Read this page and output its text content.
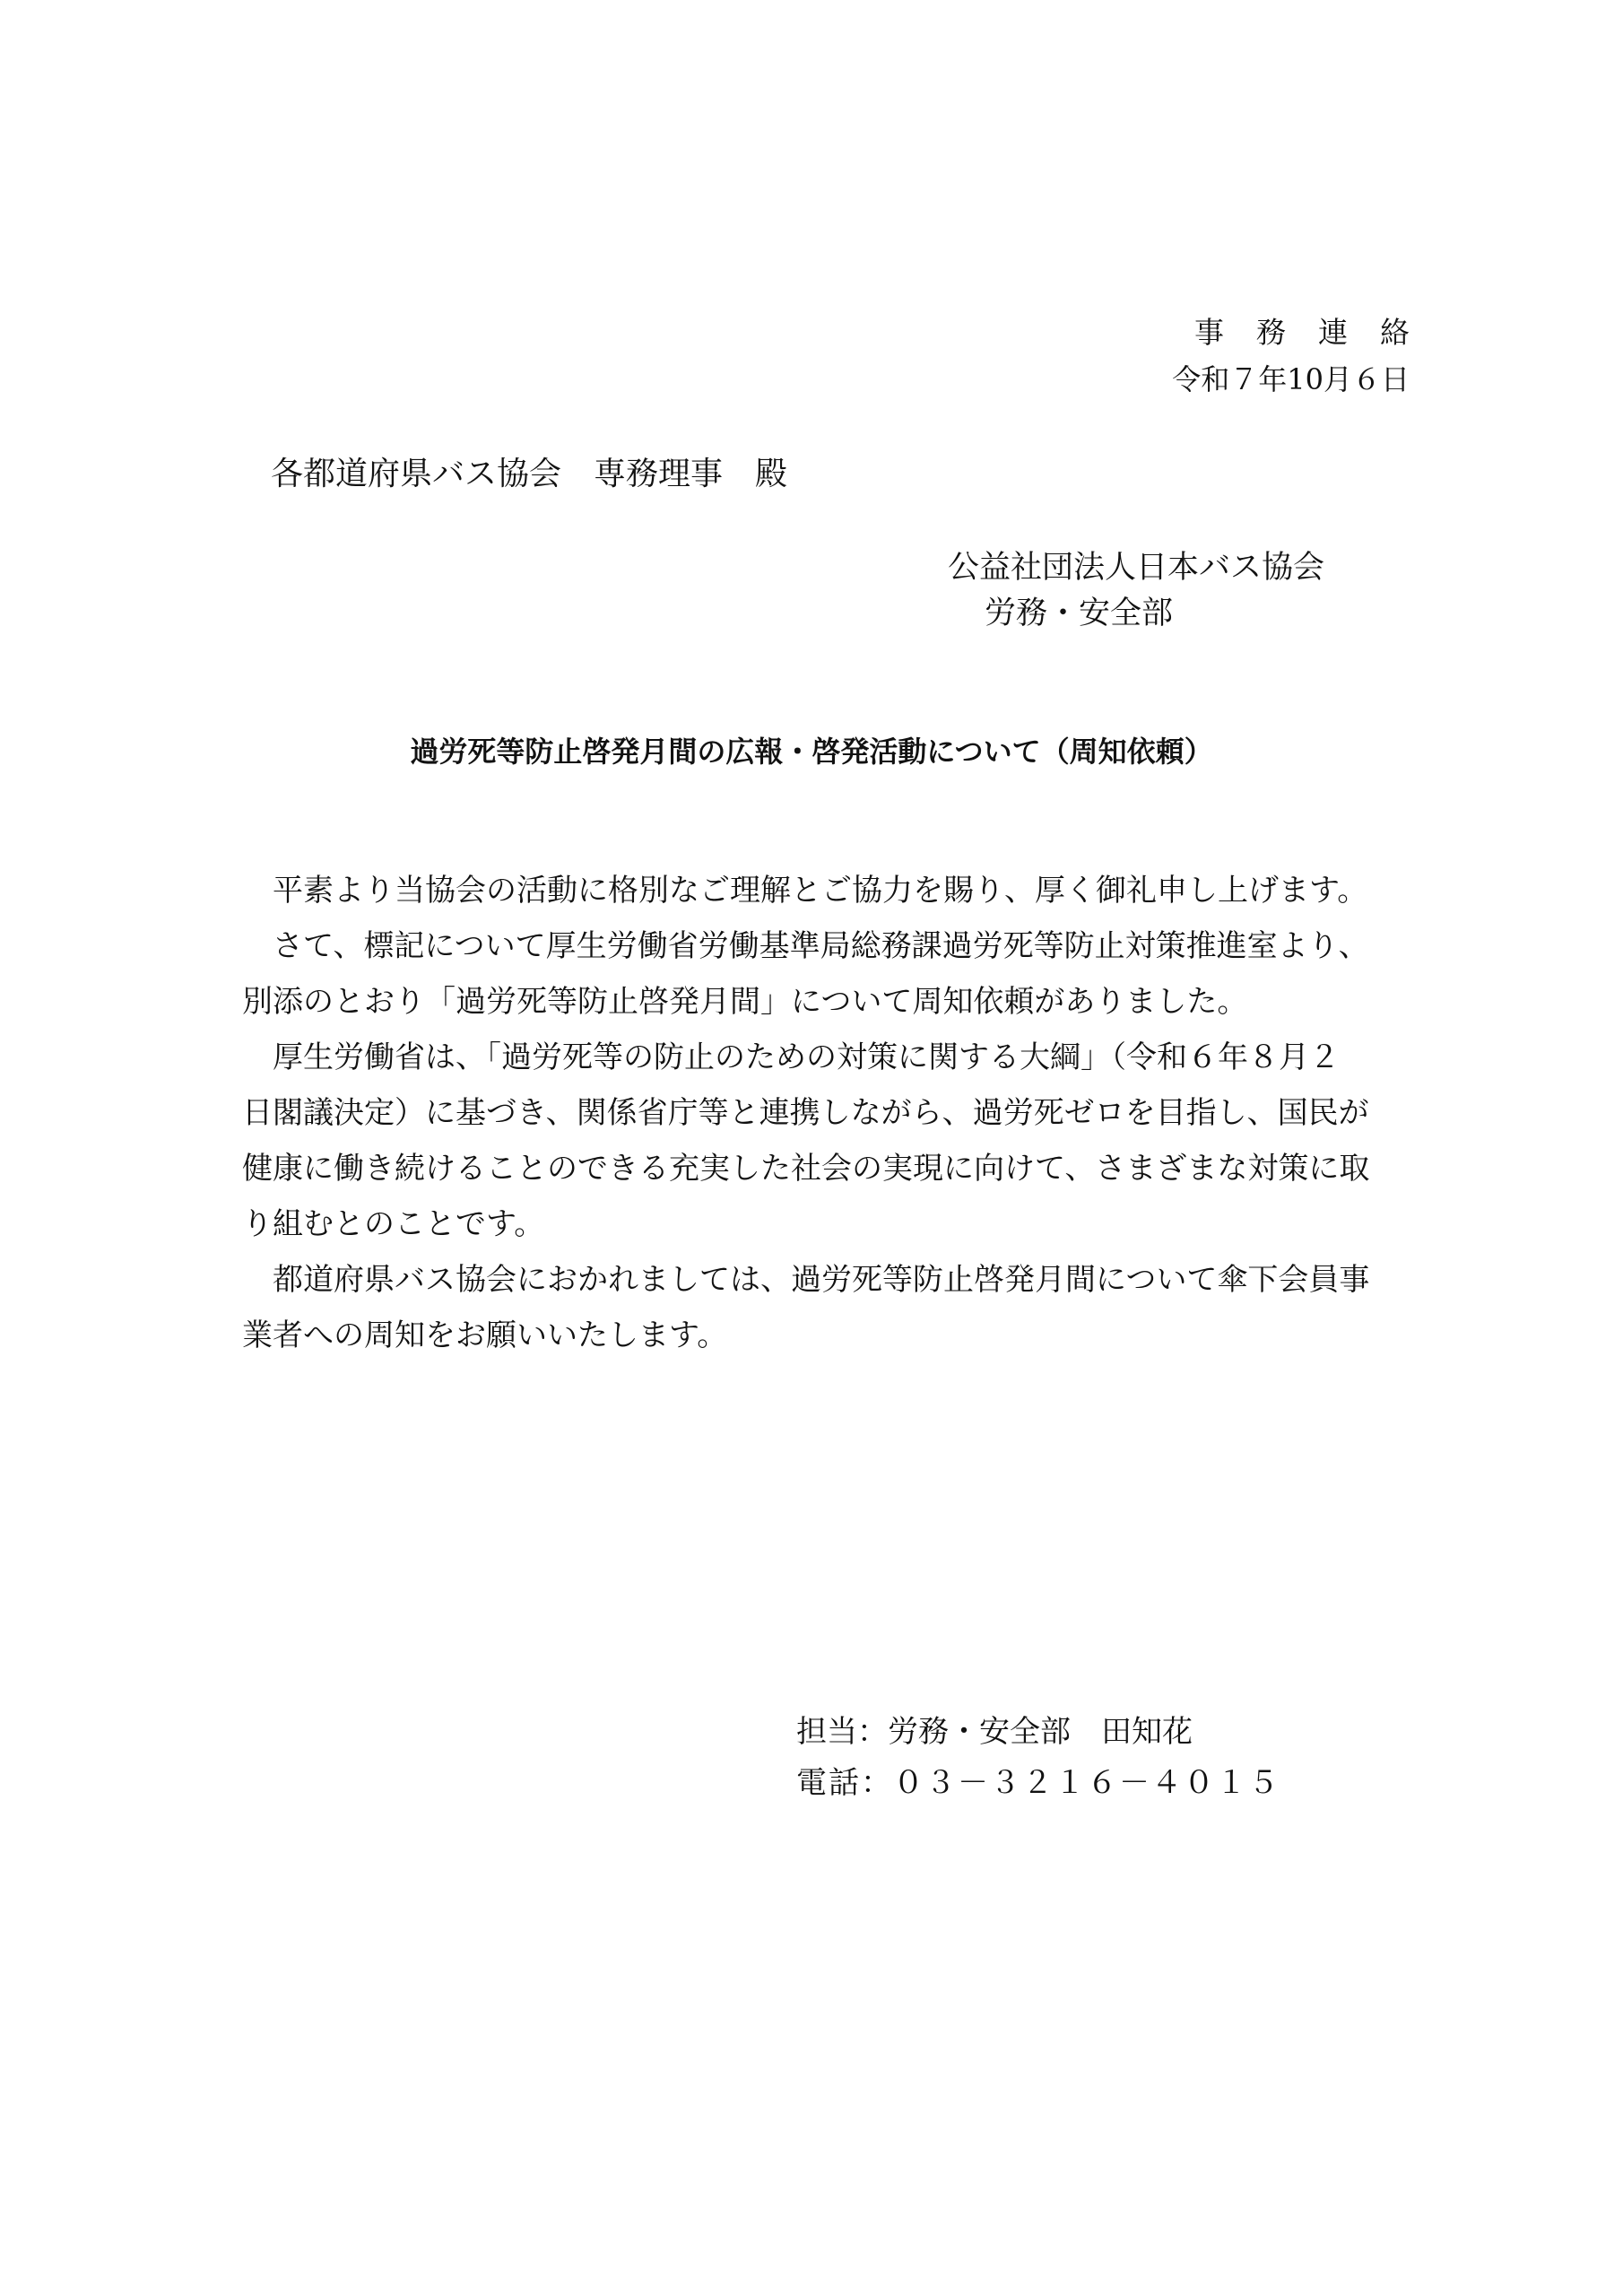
事務連絡
令和７年10月６日
各都道府県バス協会　専務理事　殿
公益社団法人日本バス協会
労務・安全部
過労死等防止啓発月間の広報・啓発活動について（周知依頼）

　平素より当協会の活動に格別なご理解とご協力を賜り、厚く御礼申し上げます。

　さて、標記について厚生労働省労働基準局総務課過労死等防止対策推進室より、

別添のとおり「過労死等防止啓発月間」について周知依頼がありました。

　厚生労働省は、「過労死等の防止のための対策に関する大綱」（令和６年８月２

日閣議決定）に基づき、関係省庁等と連携しながら、過労死ゼロを目指し、国民が

健康に働き続けることのできる充実した社会の実現に向けて、さまざまな対策に取

り組むとのことです。

　都道府県バス協会におかれましては、過労死等防止啓発月間について傘下会員事

業者への周知をお願いいたします。

担当：労務・安全部　田知花
電話：０３－３２１６－４０１５
